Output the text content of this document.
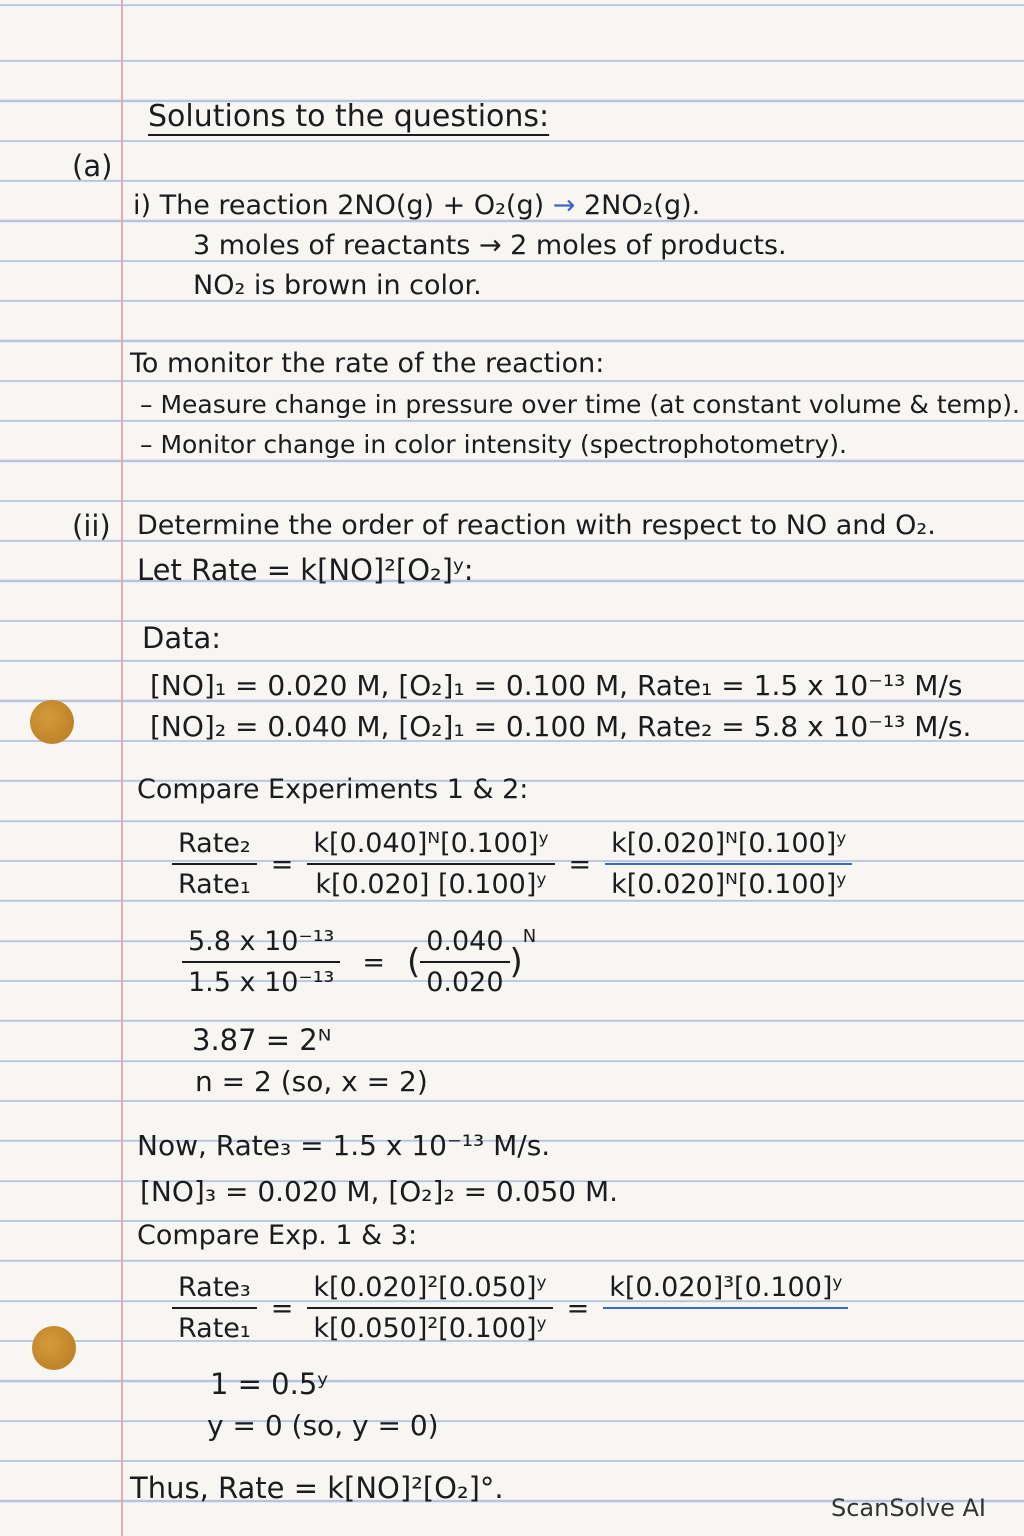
Solutions to the questions:
(a)
i) The reaction 2NO(g) + O₂(g) → 2NO₂(g).
3 moles of reactants → 2 moles of products.
NO₂ is brown in color.
To monitor the rate of the reaction:
– Measure change in pressure over time (at constant volume & temp).
– Monitor change in color intensity (spectrophotometry).
(ii) Determine the order of reaction with respect to NO and O₂.
Let Rate = k[NO]²[O₂]ʸ:
Data:
[NO]₁ = 0.020 M, [O₂]₁ = 0.100 M, Rate₁ = 1.5 x 10⁻¹³ M/s
[NO]₂ = 0.040 M, [O₂]₁ = 0.100 M, Rate₂ = 5.8 x 10⁻¹³ M/s.
Compare Experiments 1 & 2:
$\frac{\text{Rate₂}}{\text{Rate₁}} = \frac{\text{k[0.040]ᴺ[0.100]ʸ}}{\text{k[0.020] [0.100]ʸ}} = \frac{\text{k[0.020]ᴺ[0.100]ʸ}}{\text{k[0.020]ᴺ[0.100]ʸ}}$
$\frac{\text{5.8 x 10⁻¹³}}{\text{1.5 x 10⁻¹³}}$ = ( $\frac{0.040}{0.020}$ )
$^N$
3.87 = 2ᴺ
n = 2 (so, x = 2)
Now, Rate₃ = 1.5 x 10⁻¹³ M/s.
[NO]₃ = 0.020 M, [O₂]₂ = 0.050 M.
Compare Exp. 1 & 3:
$\frac{\text{Rate₃}}{\text{Rate₁}} = \frac{\text{k[0.020]²[0.050]ʸ}}{\text{k[0.050]²[0.100]ʸ}}$ =
k[0.020]³[0.100]ʸ

1 = 0.5ʸ
y = 0 (so, y = 0)
Thus, Rate = k[NO]²[O₂]°.
ScanSolve AI
